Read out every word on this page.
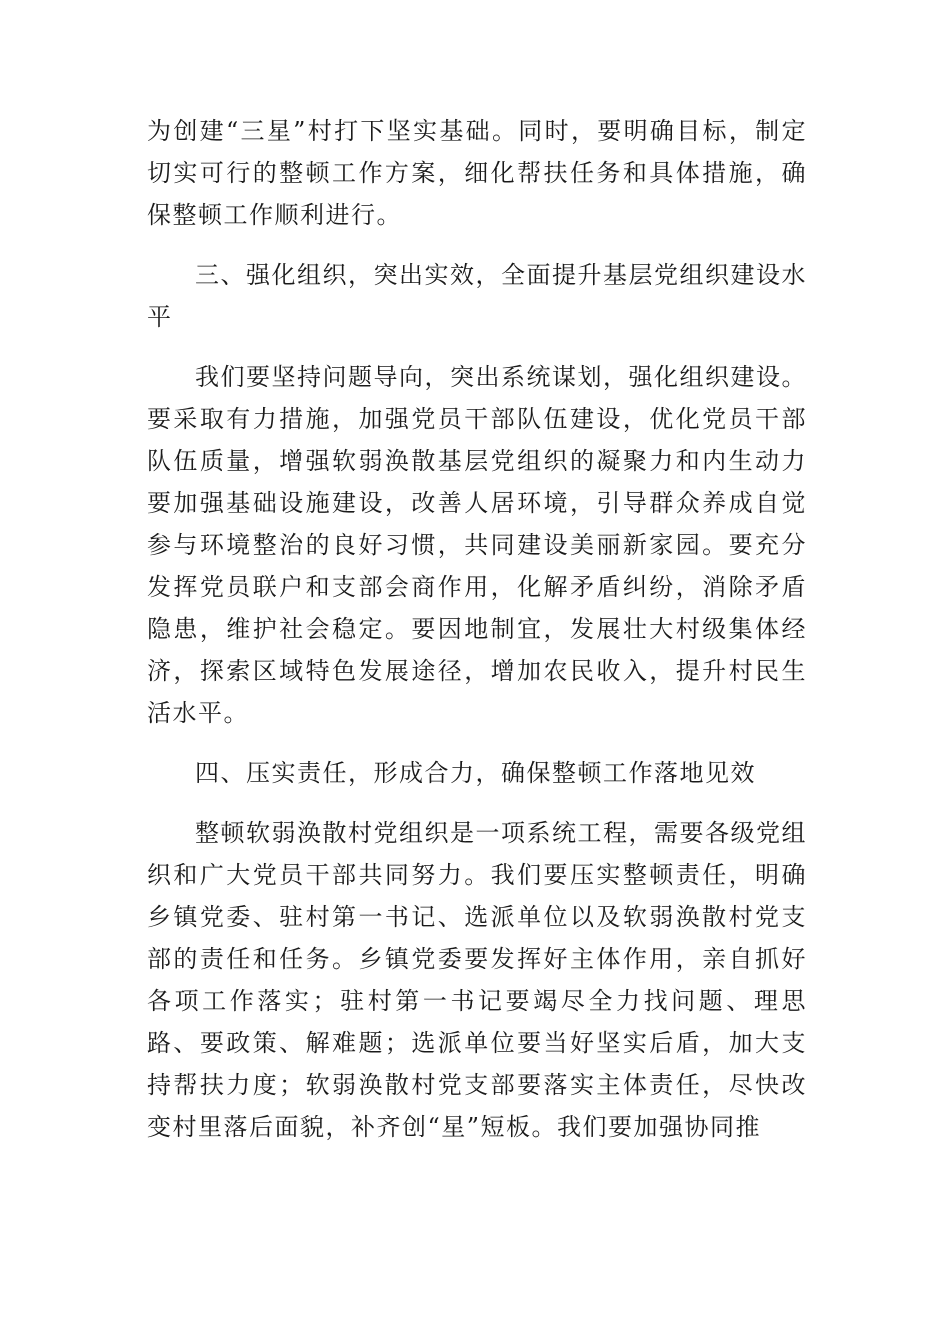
为创建“三星”村打下坚实基础。同时，要明确目标，制定切实可行的整顿工作方案，细化帮扶任务和具体措施，确保整顿工作顺利进行。

三、强化组织，突出实效，全面提升基层党组织建设水平

我们要坚持问题导向，突出系统谋划，强化组织建设。要采取有力措施，加强党员干部队伍建设，优化党员干部队伍质量，增强软弱涣散基层党组织的凝聚力和内生动力要加强基础设施建设，改善人居环境，引导群众养成自觉参与环境整治的良好习惯，共同建设美丽新家园。要充分发挥党员联户和支部会商作用，化解矛盾纠纷，消除矛盾隐患，维护社会稳定。要因地制宜，发展壮大村级集体经济，探索区域特色发展途径，增加农民收入，提升村民生活水平。

四、压实责任，形成合力，确保整顿工作落地见效

整顿软弱涣散村党组织是一项系统工程，需要各级党组织和广大党员干部共同努力。我们要压实整顿责任，明确乡镇党委、驻村第一书记、选派单位以及软弱涣散村党支部的责任和任务。乡镇党委要发挥好主体作用，亲自抓好各项工作落实；驻村第一书记要竭尽全力找问题、理思路、要政策、解难题；选派单位要当好坚实后盾，加大支持帮扶力度；软弱涣散村党支部要落实主体责任，尽快改变村里落后面貌，补齐创“星”短板。我们要加强协同推
